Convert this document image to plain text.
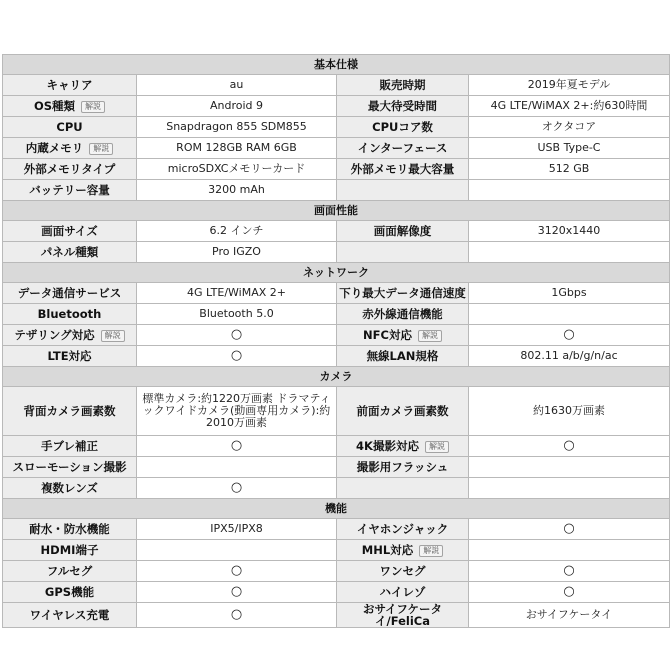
基本仕様			
キャリア	au	販売時期	2019年夏モデル
OS種類 解説	Android 9	最大待受時間	4G LTE/WiMAX 2+:約630時間
CPU	Snapdragon 855 SDM855	CPUコア数	オクタコア
内蔵メモリ 解説	ROM 128GB RAM 6GB	インターフェース	USB Type-C
外部メモリタイプ	microSDXCメモリーカード	外部メモリ最大容量	512 GB
バッテリー容量	3200 mAh		
画面性能			
画面サイズ	6.2 インチ	画面解像度	3120x1440
パネル種類	Pro IGZO		
ネットワーク			
データ通信サービス	4G LTE/WiMAX 2+	下り最大データ通信速度	1Gbps
Bluetooth	Bluetooth 5.0	赤外線通信機能	
テザリング対応 解説	○	NFC対応 解説	○
LTE対応	○	無線LAN規格	802.11 a/b/g/n/ac
カメラ			
背面カメラ画素数	標準カメラ:約1220万画素 ドラマティックワイドカメラ(動画専用カメラ):約2010万画素	前面カメラ画素数	約1630万画素
手ブレ補正	○	4K撮影対応 解説	○
スローモーション撮影		撮影用フラッシュ	
複数レンズ	○		
機能			
耐水・防水機能	IPX5/IPX8	イヤホンジャック	○
HDMI端子		MHL対応 解説	
フルセグ	○	ワンセグ	○
GPS機能	○	ハイレゾ	○
ワイヤレス充電	○	おサイフケータイ/FeliCa	おサイフケータイ
